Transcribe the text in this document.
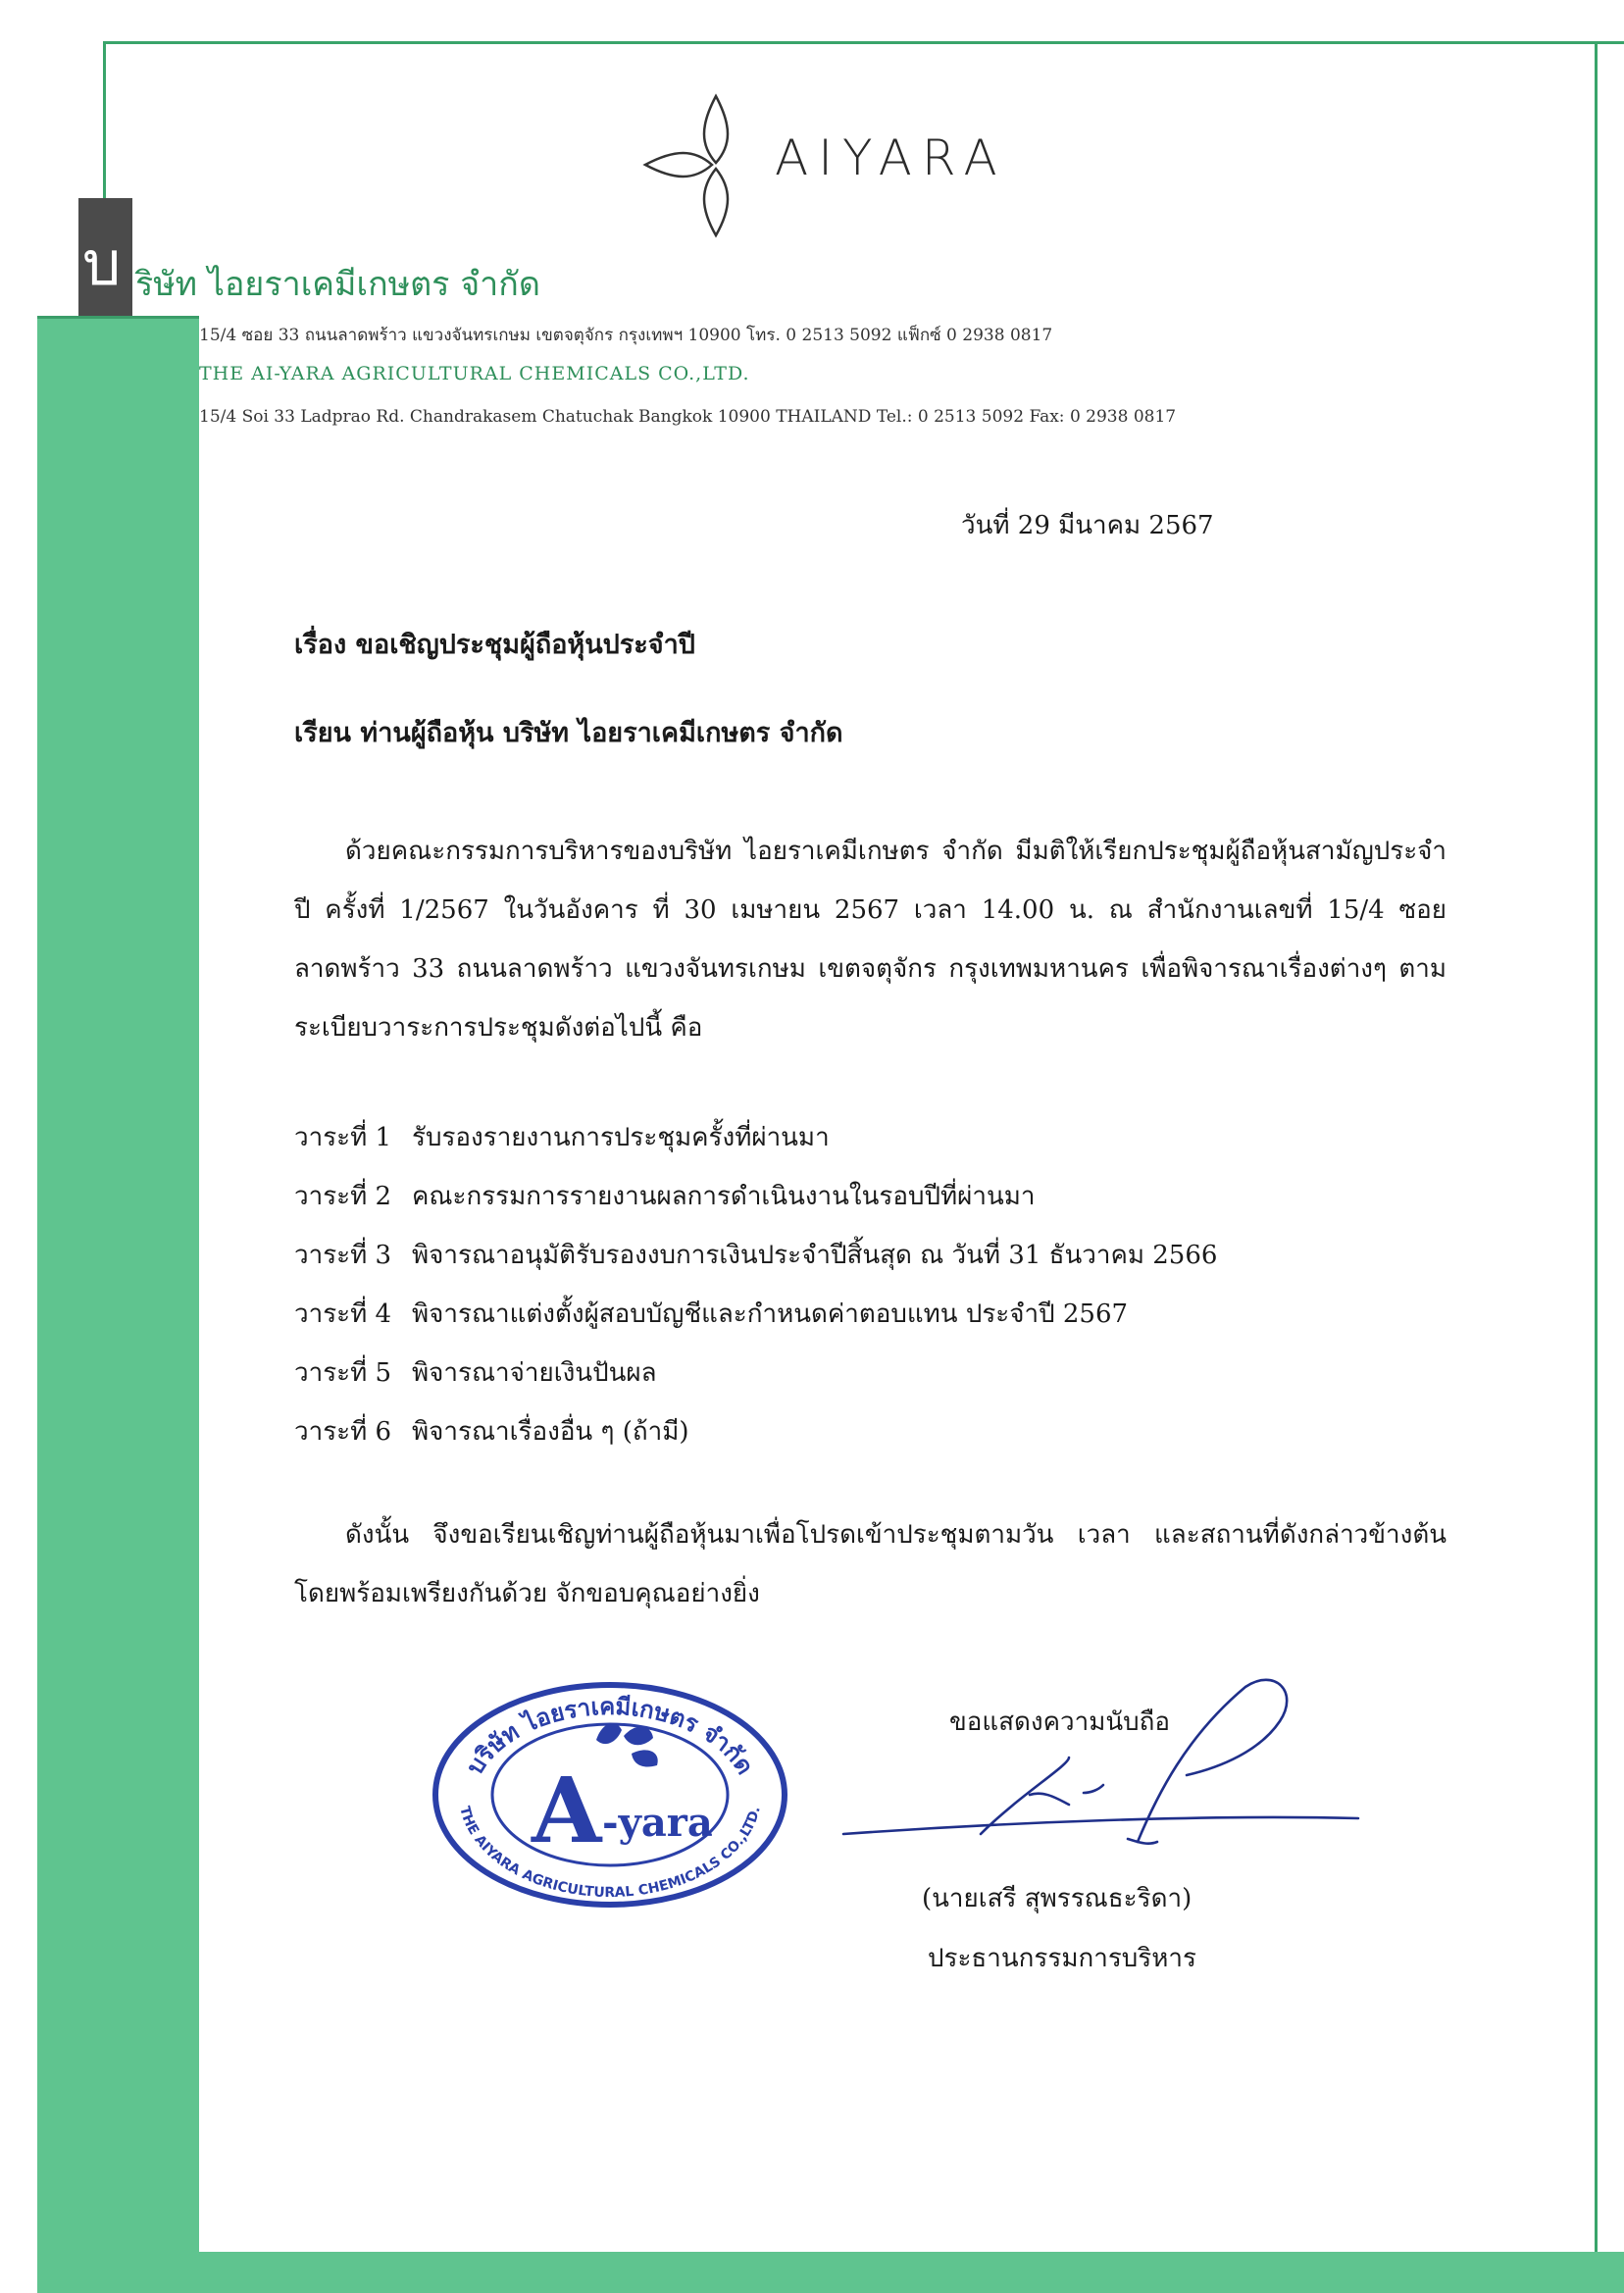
AIYARA
บ ริษัท ไอยราเคมีเกษตร จำกัด
15/4 ซอย 33 ถนนลาดพร้าว แขวงจันทรเกษม เขตจตุจักร กรุงเทพฯ 10900 โทร. 0 2513 5092 แฟ็กซ์ 0 2938 0817
THE AI-YARA AGRICULTURAL CHEMICALS CO.,LTD.
15/4 Soi 33 Ladprao Rd. Chandrakasem Chatuchak Bangkok 10900 THAILAND Tel.: 0 2513 5092 Fax: 0 2938 0817
วันที่ 29 มีนาคม 2567
เรื่อง ขอเชิญประชุมผู้ถือหุ้นประจำปี
เรียน ท่านผู้ถือหุ้น บริษัท ไอยราเคมีเกษตร จำกัด
ด้วยคณะกรรมการบริหารของบริษัท ไอยราเคมีเกษตร จำกัด มีมติให้เรียกประชุมผู้ถือหุ้นสามัญประจำปี ครั้งที่ 1/2567 ในวันอังคาร ที่ 30 เมษายน 2567 เวลา 14.00 น. ณ สำนักงานเลขที่ 15/4 ซอยลาดพร้าว 33 ถนนลาดพร้าว แขวงจันทรเกษม เขตจตุจักร กรุงเทพมหานคร เพื่อพิจารณาเรื่องต่างๆ ตามระเบียบวาระการประชุมดังต่อไปนี้ คือ
วาระที่ 1 รับรองรายงานการประชุมครั้งที่ผ่านมา
วาระที่ 2 คณะกรรมการรายงานผลการดำเนินงานในรอบปีที่ผ่านมา
วาระที่ 3 พิจารณาอนุมัติรับรองงบการเงินประจำปีสิ้นสุด ณ วันที่ 31 ธันวาคม 2566
วาระที่ 4 พิจารณาแต่งตั้งผู้สอบบัญชีและกำหนดค่าตอบแทน ประจำปี 2567
วาระที่ 5 พิจารณาจ่ายเงินปันผล
วาระที่ 6 พิจารณาเรื่องอื่น ๆ (ถ้ามี)
ดังนั้น จึงขอเรียนเชิญท่านผู้ถือหุ้นมาเพื่อโปรดเข้าประชุมตามวัน เวลา และสถานที่ดังกล่าวข้างต้น โดยพร้อมเพรียงกันด้วย จักขอบคุณอย่างยิ่ง
บริษัท ไอยราเคมีเกษตร จำกัด
THE AIYARA AGRICULTURAL CHEMICALS CO.,LTD.
A -yara
ขอแสดงความนับถือ
(นายเสรี สุพรรณธะริดา)
ประธานกรรมการบริหาร
